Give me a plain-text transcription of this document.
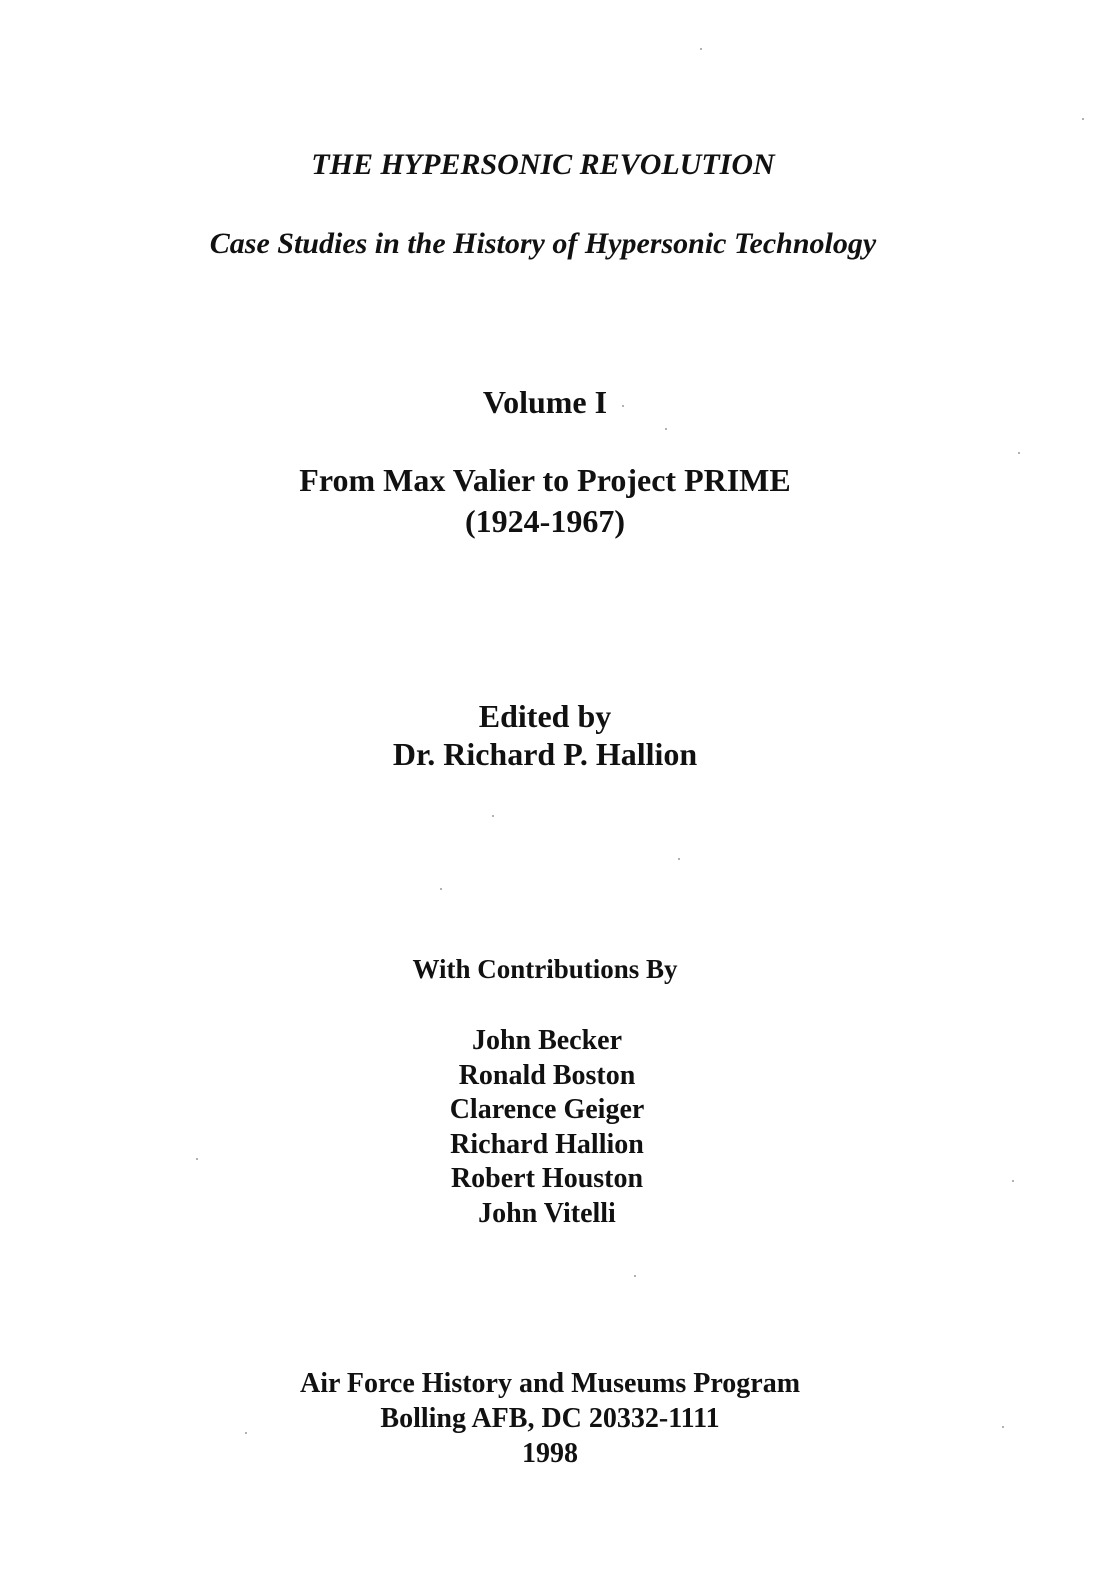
THE HYPERSONIC REVOLUTION
Case Studies in the History of Hypersonic Technology
Volume I
From Max Valier to Project PRIME
(1924-1967)
Edited by
Dr. Richard P. Hallion
With Contributions By
John Becker
Ronald Boston
Clarence Geiger
Richard Hallion
Robert Houston
John Vitelli
Air Force History and Museums Program
Bolling AFB, DC 20332-1111
1998
